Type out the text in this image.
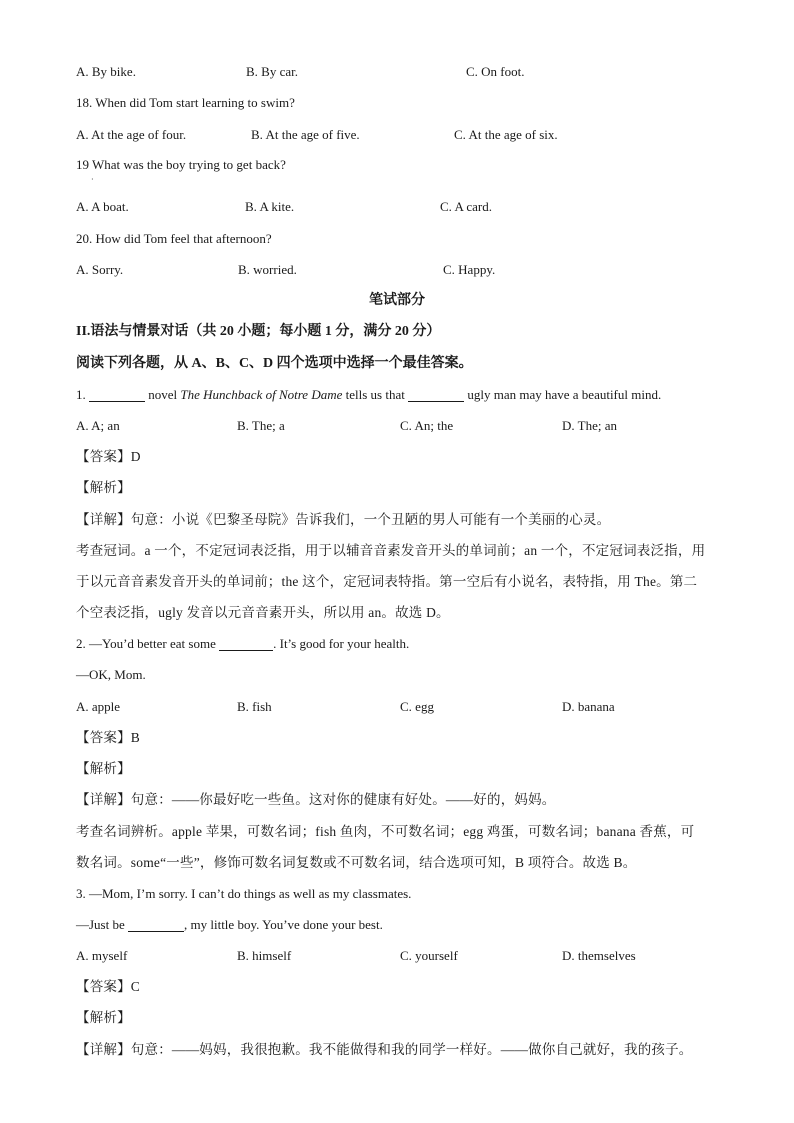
A. By bike.	B. By car.	C. On foot.
18. When did Tom start learning to swim?
A. At the age of four.	B. At the age of five.	C. At the age of six.
19 What was the boy trying to get back?
·
A. A boat.	B. A kite.	C. A card.
20. How did Tom feel that afternoon?
A. Sorry.	B. worried.	C. Happy.
笔试部分
II.语法与情景对话（共 20 小题；每小题 1 分，满分 20 分）
阅读下列各题，从 A、B、C、D 四个选项中选择一个最佳答案。
1.	novel The Hunchback of Notre Dame tells us that	ugly man may have a beautiful mind.
A. A; an	B. The; a	C. An; the	D. The; an
【答案】D
【解析】
【详解】句意：小说《巴黎圣母院》告诉我们，一个丑陋的男人可能有一个美丽的心灵。
考查冠词。a 一个，不定冠词表泛指，用于以辅音音素发音开头的单词前；an 一个，不定冠词表泛指，用
于以元音音素发音开头的单词前；the 这个，定冠词表特指。第一空后有小说名，表特指，用 The。第二
个空表泛指，ugly 发音以元音音素开头，所以用 an。故选 D。
2. —You’d better eat some	. It’s good for your health.
—OK, Mom.
A. apple	B. fish	C. egg	D. banana
【答案】B
【解析】
【详解】句意：——你最好吃一些鱼。这对你的健康有好处。——好的，妈妈。
考查名词辨析。apple 苹果，可数名词；fish 鱼肉，不可数名词；egg 鸡蛋，可数名词；banana 香蕉，可
数名词。some“一些”，修饰可数名词复数或不可数名词，结合选项可知，B 项符合。故选 B。
3. —Mom, I’m sorry. I can’t do things as well as my classmates.
—Just be	, my little boy. You’ve done your best.
A. myself	B. himself	C. yourself	D. themselves
【答案】C
【解析】
【详解】句意：——妈妈，我很抱歉。我不能做得和我的同学一样好。——做你自己就好，我的孩子。
